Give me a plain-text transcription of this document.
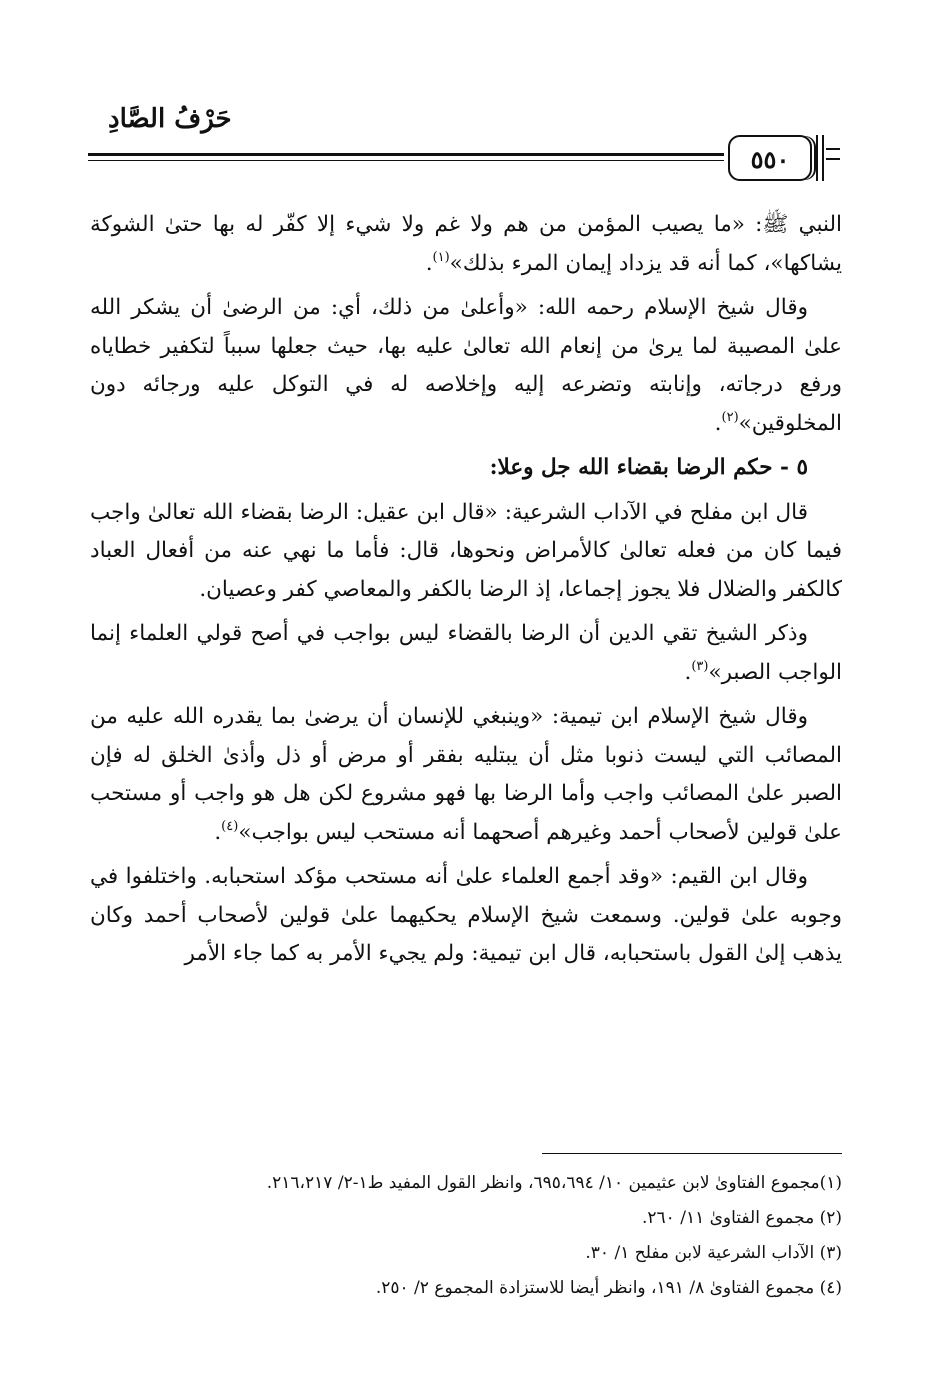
حَرْفُ الصَّادِ
٥٥٠

النبي ﷺ: «ما يصيب المؤمن من هم ولا غم ولا شيء إلا كفّر له بها حتىٰ الشوكة يشاكها»، كما أنه قد يزداد إيمان المرء بذلك»$^{(١)}$.

وقال شيخ الإسلام رحمه الله: «وأعلىٰ من ذلك، أي: من الرضىٰ أن يشكر الله علىٰ المصيبة لما يرىٰ من إنعام الله تعالىٰ عليه بها، حيث جعلها سبباً لتكفير خطاياه ورفع درجاته، وإنابته وتضرعه إليه وإخلاصه له في التوكل عليه ورجائه دون المخلوقين»$^{(٢)}$.

٥ - حكم الرضا بقضاء الله جل وعلا:

قال ابن مفلح في الآداب الشرعية: «قال ابن عقيل: الرضا بقضاء الله تعالىٰ واجب فيما كان من فعله تعالىٰ كالأمراض ونحوها، قال: فأما ما نهي عنه من أفعال العباد كالكفر والضلال فلا يجوز إجماعا، إذ الرضا بالكفر والمعاصي كفر وعصيان.

وذكر الشيخ تقي الدين أن الرضا بالقضاء ليس بواجب في أصح قولي العلماء إنما الواجب الصبر»$^{(٣)}$.

وقال شيخ الإسلام ابن تيمية: «وينبغي للإنسان أن يرضىٰ بما يقدره الله عليه من المصائب التي ليست ذنوبا مثل أن يبتليه بفقر أو مرض أو ذل وأذىٰ الخلق له فإن الصبر علىٰ المصائب واجب وأما الرضا بها فهو مشروع لكن هل هو واجب أو مستحب علىٰ قولين لأصحاب أحمد وغيرهم أصحهما أنه مستحب ليس بواجب»$^{(٤)}$.

وقال ابن القيم: «وقد أجمع العلماء علىٰ أنه مستحب مؤكد استحبابه. واختلفوا في وجوبه علىٰ قولين. وسمعت شيخ الإسلام يحكيهما علىٰ قولين لأصحاب أحمد وكان يذهب إلىٰ القول باستحبابه، قال ابن تيمية: ولم يجيء الأمر به كما جاء الأمر

(١)مجموع الفتاوىٰ لابن عثيمين ١٠/ ٦٩٥،٦٩٤، وانظر القول المفيد ط١-٢/ ٢١٦،٢١٧.

(٢) مجموع الفتاوىٰ ١١/ ٢٦٠.

(٣) الآداب الشرعية لابن مفلح ١/ ٣٠.

(٤) مجموع الفتاوىٰ ٨/ ١٩١، وانظر أيضا للاستزادة المجموع ٢/ ٢٥٠.
